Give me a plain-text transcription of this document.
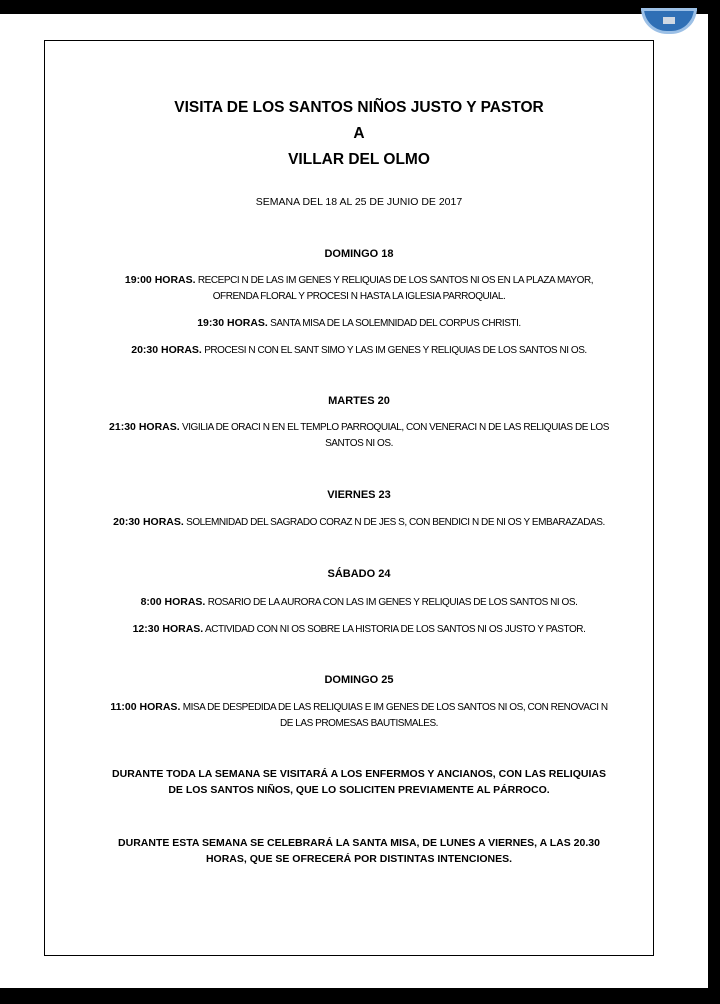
VISITA DE LOS SANTOS NIÑOS JUSTO Y PASTOR
A
VILLAR DEL OLMO
SEMANA DEL 18 AL 25 DE JUNIO DE 2017
DOMINGO 18
19:00 HORAS. RECEPCI N DE LAS IM GENES Y RELIQUIAS DE LOS SANTOS NI OS EN LA PLAZA MAYOR, OFRENDA FLORAL Y PROCESI N HASTA LA IGLESIA PARROQUIAL.
19:30 HORAS. SANTA MISA DE LA SOLEMNIDAD DEL CORPUS CHRISTI.
20:30 HORAS. PROCESI N CON EL SANT SIMO Y LAS IM GENES Y RELIQUIAS DE LOS SANTOS NI OS.
MARTES 20
21:30 HORAS. VIGILIA DE ORACI N EN EL TEMPLO PARROQUIAL, CON VENERACI N DE LAS RELIQUIAS DE LOS SANTOS NI OS.
VIERNES 23
20:30 HORAS. SOLEMNIDAD DEL SAGRADO CORAZ N DE JES S, CON BENDICI N DE NI OS Y EMBARAZADAS.
SÁBADO 24
8:00 HORAS. ROSARIO DE LA AURORA CON LAS IM GENES Y RELIQUIAS DE LOS SANTOS NI OS.
12:30 HORAS. ACTIVIDAD CON NI OS SOBRE LA HISTORIA DE LOS SANTOS NI OS JUSTO Y PASTOR.
DOMINGO 25
11:00 HORAS. MISA DE DESPEDIDA DE LAS RELIQUIAS E IM GENES DE LOS SANTOS NI OS, CON RENOVACI N DE LAS PROMESAS BAUTISMALES.
DURANTE TODA LA SEMANA SE VISITARÁ A LOS ENFERMOS Y ANCIANOS, CON LAS RELIQUIAS DE LOS SANTOS NIÑOS, QUE LO SOLICITEN PREVIAMENTE AL PÁRROCO.
DURANTE ESTA SEMANA SE CELEBRARÁ LA SANTA MISA, DE LUNES A VIERNES, A LAS 20.30 HORAS, QUE SE OFRECERÁ POR DISTINTAS INTENCIONES.
